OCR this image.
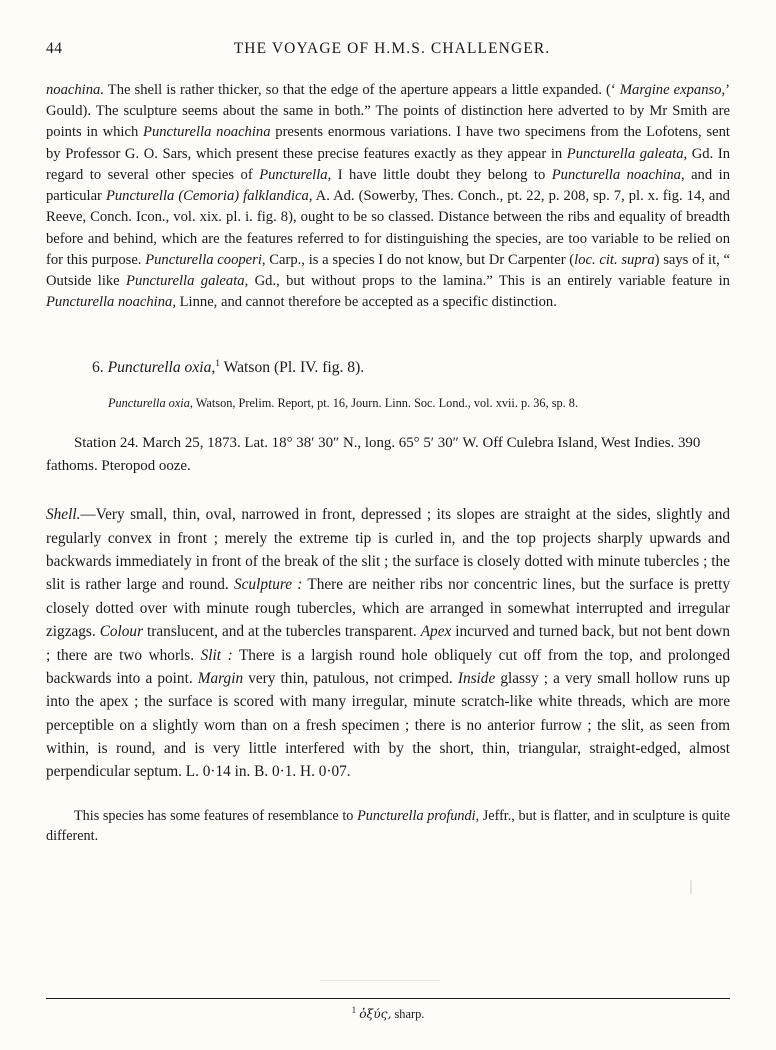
44	THE VOYAGE OF H.M.S. CHALLENGER.

noachina. The shell is rather thicker, so that the edge of the aperture appears a little expanded. (‘ Margine expanso,’ Gould). The sculpture seems about the same in both.” The points of distinction here adverted to by Mr Smith are points in which Puncturella noachina presents enormous variations. I have two specimens from the Lofotens, sent by Professor G. O. Sars, which present these precise features exactly as they appear in Puncturella galeata, Gd. In regard to several other species of Puncturella, I have little doubt they belong to Puncturella noachina, and in particular Puncturella (Cemoria) falklandica, A. Ad. (Sowerby, Thes. Conch., pt. 22, p. 208, sp. 7, pl. x. fig. 14, and Reeve, Conch. Icon., vol. xix. pl. i. fig. 8), ought to be so classed. Distance between the ribs and equality of breadth before and behind, which are the features referred to for distinguishing the species, are too variable to be relied on for this purpose. Puncturella cooperi, Carp., is a species I do not know, but Dr Carpenter (loc. cit. supra) says of it, “ Outside like Puncturella galeata, Gd., but without props to the lamina.” This is an entirely variable feature in Puncturella noachina, Linne, and cannot therefore be accepted as a specific distinction.

6. Puncturella oxia,$^1$ Watson (Pl. IV. fig. 8).

Puncturella oxia, Watson, Prelim. Report, pt. 16, Journ. Linn. Soc. Lond., vol. xvii. p. 36, sp. 8.

Station 24. March 25, 1873. Lat. 18° 38′ 30″ N., long. 65° 5′ 30″ W. Off Culebra Island, West Indies. 390 fathoms. Pteropod ooze.

Shell.—Very small, thin, oval, narrowed in front, depressed ; its slopes are straight at the sides, slightly and regularly convex in front ; merely the extreme tip is curled in, and the top projects sharply upwards and backwards immediately in front of the break of the slit ; the surface is closely dotted with minute tubercles ; the slit is rather large and round. Sculpture : There are neither ribs nor concentric lines, but the surface is pretty closely dotted over with minute rough tubercles, which are arranged in somewhat interrupted and irregular zigzags. Colour translucent, and at the tubercles transparent. Apex incurved and turned back, but not bent down ; there are two whorls. Slit : There is a largish round hole obliquely cut off from the top, and prolonged backwards into a point. Margin very thin, patulous, not crimped. Inside glassy ; a very small hollow runs up into the apex ; the surface is scored with many irregular, minute scratch-like white threads, which are more perceptible on a slightly worn than on a fresh specimen ; there is no anterior furrow ; the slit, as seen from within, is round, and is very little interfered with by the short, thin, triangular, straight-edged, almost perpendicular septum. L. 0·14 in. B. 0·1. H. 0·07.

This species has some features of resemblance to Puncturella profundi, Jeffr., but is flatter, and in sculpture is quite different.

$^1$ ὀξύς, sharp.
